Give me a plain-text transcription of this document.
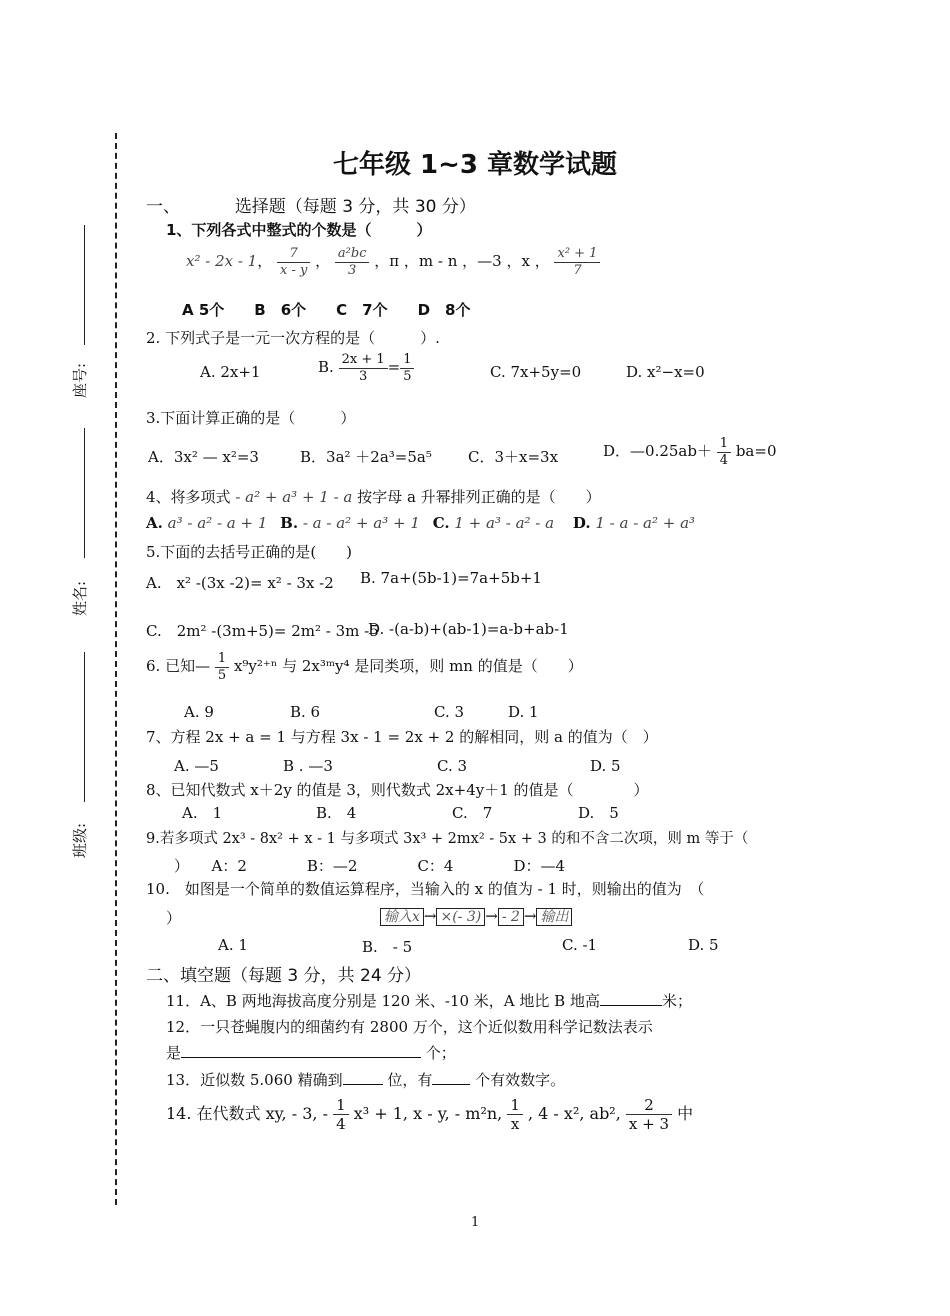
座号:
姓名:
班级:
七年级 1~3 章数学试题
一、	选择题（每题 3 分，共 30 分）
1、下列各式中整式的个数是（　　　）
x² - 2x - 1， $\frac{7}{x - y}$ ， $\frac{\text{a²bc}}{3}$ ，π ，m - n ，—3 ，x ， $\frac{\text{x² + 1}}{7}$
A 5个　　B　6个　　C　7个　　D　8个
2. 下列式子是一元一次方程的是（　　　）.
A. 2x+1	B. $\frac{2x + 1}{3} = \frac{1}{5}$	C. 7x+5y=0	D. x²−x=0
3.下面计算正确的是（　　　）
A．3x² — x²=3	B．3a² ＋2a³=5a⁵ C．3＋x=3x	D．—0.25ab＋ $\frac{1}{4} ba=0$
4、将多项式 - a² + a³ + 1 - a 按字母 a 升幂排列正确的是（　　）
A. a³ - a² - a + 1 B. - a - a² + a³ + 1 C. 1 + a³ - a² - a D. 1 - a - a² + a³
5.下面的去括号正确的是(　　)
A.　x² -(3x -2)= x² - 3x -2 B. 7a+(5b-1)=7a+5b+1
C.　2m² -(3m+5)= 2m² - 3m -5
D. -(a-b)+(ab-1)=a-b+ab-1
6. 已知— $\frac{1}{5} x^9y^{2+n}$ 与 2x³ᵐy⁴ 是同类项，则 mn 的值是（　　）
A. 9	B. 6	C. 3	D. 1
7、方程 2x + a = 1 与方程 3x - 1 = 2x + 2 的解相同，则 a 的值为（　）
A. —5	B . —3	C. 3	D. 5
8、已知代数式 x＋2y 的值是 3，则代数式 2x+4y＋1 的值是（　　　　）
A.　1	B.　4	C.　7	D.　5
9.若多项式 2x³ - 8x² + x - 1 与多项式 3x³ + 2mx² - 5x + 3 的和不含二次项，则 m 等于（
）　　A：2　　　　B：—2　　　　C：4　　　　D：—4
10.　如图是一个简单的数值运算程序，当输入的 x 的值为 - 1 时，则输出的值为　（
）	输入x → ×(- 3) → - 2 → 输出
A. 1	B.　- 5	C. -1	D. 5
二、填空题（每题 3 分，共 24 分）
11．A、B 两地海拔高度分别是 120 米、-10 米，A 地比 B 地高	米；
12．一只苍蝇腹内的细菌约有 2800 万个，这个近似数用科学记数法表示
是	个；
13．近似数 5.060 精确到	位，有	个有效数字。
14. 在代数式 xy, - 3, - $\frac{1}{4} x^3 + 1$, x - y, - m²n, $\frac{1}{x}$ , 4 - x², ab², $\frac{2}{x + 3}$ 中
1
